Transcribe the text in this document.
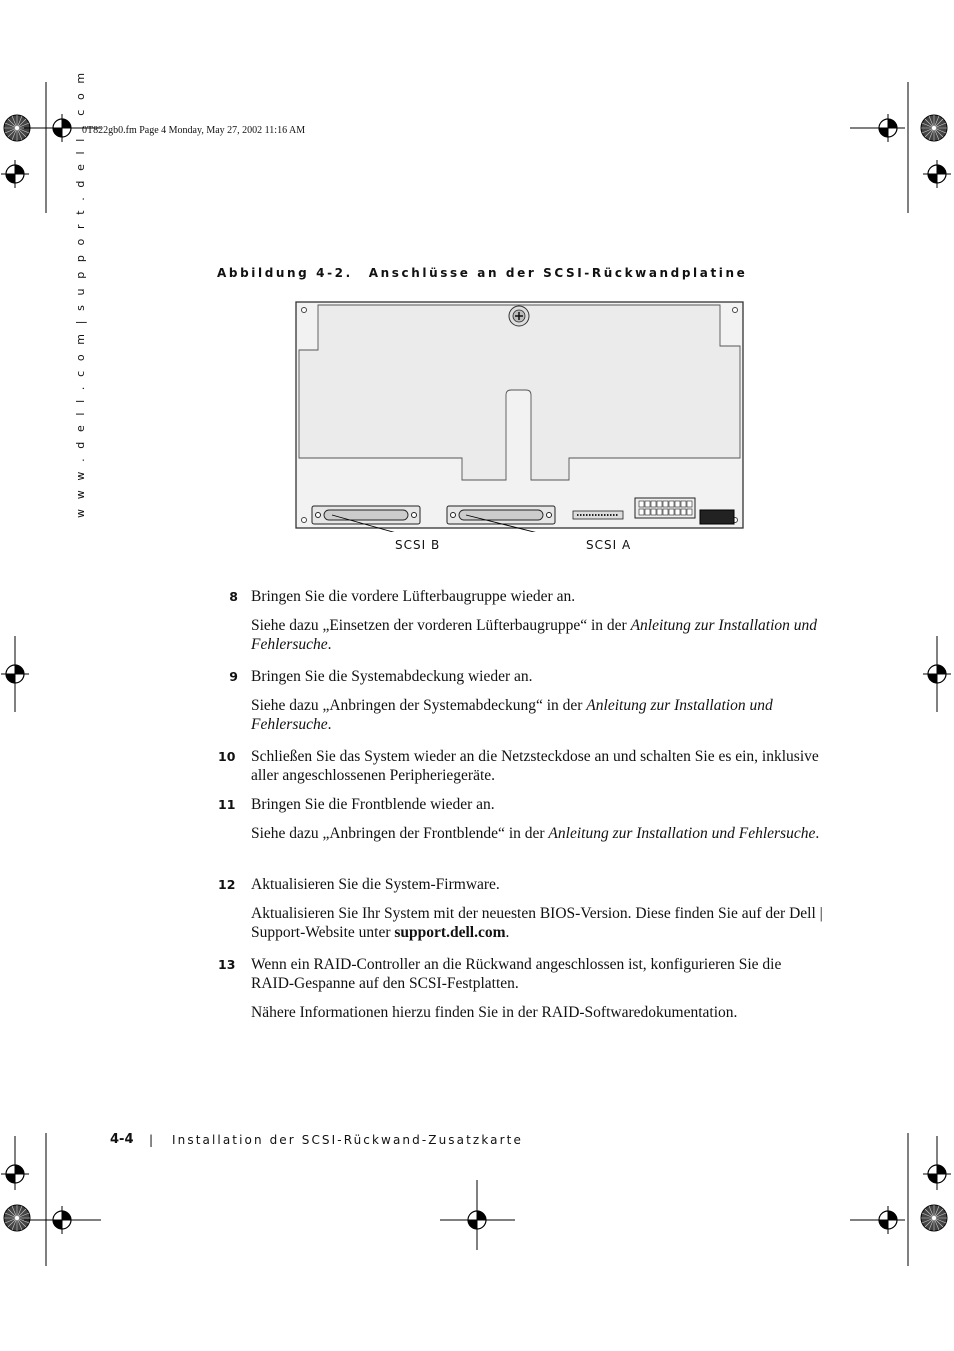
0T822gb0.fm Page 4 Monday, May 27, 2002 11:16 AM
w w w . d e l l . c o m | s u p p o r t . d e l l . c o m	Abbildung 4-2. Anschlüsse an der SCSI-Rückwandplatine
SCSI B	SCSI A
8 Bringen Sie die vordere Lüfterbaugruppe wieder an.
Siehe dazu „Einsetzen der vorderen Lüfterbaugruppe“ in der Anleitung zur Installation und Fehlersuche.
9 Bringen Sie die Systemabdeckung wieder an.
Siehe dazu „Anbringen der Systemabdeckung“ in der Anleitung zur Installation und Fehlersuche.
10 Schließen Sie das System wieder an die Netzsteckdose an und schalten Sie es ein, inklusive aller angeschlossenen Peripheriegeräte.
11 Bringen Sie die Frontblende wieder an.
Siehe dazu „Anbringen der Frontblende“ in der Anleitung zur Installation und Fehlersuche.
12 Aktualisieren Sie die System-Firmware.
Aktualisieren Sie Ihr System mit der neuesten BIOS-Version. Diese finden Sie auf der Dell | Support-Website unter support.dell.com.
13 Wenn ein RAID-Controller an die Rückwand angeschlossen ist, konfigurieren Sie die RAID-Gespanne auf den SCSI-Festplatten.
Nähere Informationen hierzu finden Sie in der RAID-Softwaredokumentation.
4-4 | Installation der SCSI-Rückwand-Zusatzkarte
